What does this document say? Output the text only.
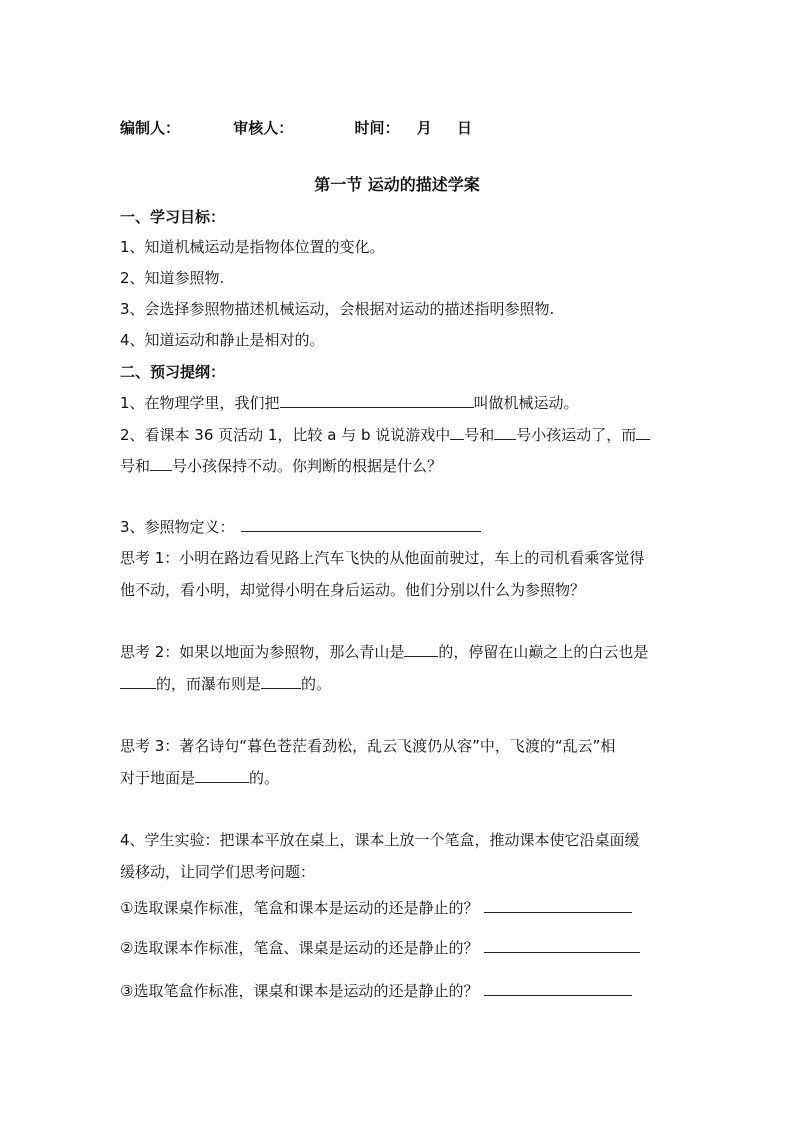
编制人：	审核人：	时间： 月 日
第一节 运动的描述学案
一、学习目标：
1、知道机械运动是指物体位置的变化。
2、知道参照物.
3、会选择参照物描述机械运动，会根据对运动的描述指明参照物.
4、知道运动和静止是相对的。
二、预习提纲：
1、在物理学里，我们把	叫做机械运动。
2、看课本 36 页活动 1，比较 a 与 b 说说游戏中 号和 号小孩运动了，而
号和 号小孩保持不动。你判断的根据是什么？
3、参照物定义：
思考 1：小明在路边看见路上汽车飞快的从他面前驶过，车上的司机看乘客觉得
他不动，看小明，却觉得小明在身后运动。他们分别以什么为参照物？
思考 2：如果以地面为参照物，那么青山是 的，停留在山巅之上的白云也是
的，而瀑布则是	的。
思考 3：著名诗句“暮色苍茫看劲松，乱云飞渡仍从容”中，飞渡的“乱云”相
对于地面是	的。
4、学生实验：把课本平放在桌上，课本上放一个笔盒，推动课本使它沿桌面缓
缓移动，让同学们思考问题：
①选取课桌作标准，笔盒和课本是运动的还是静止的？
②选取课本作标准，笔盒、课桌是运动的还是静止的？
③选取笔盒作标准，课桌和课本是运动的还是静止的？
